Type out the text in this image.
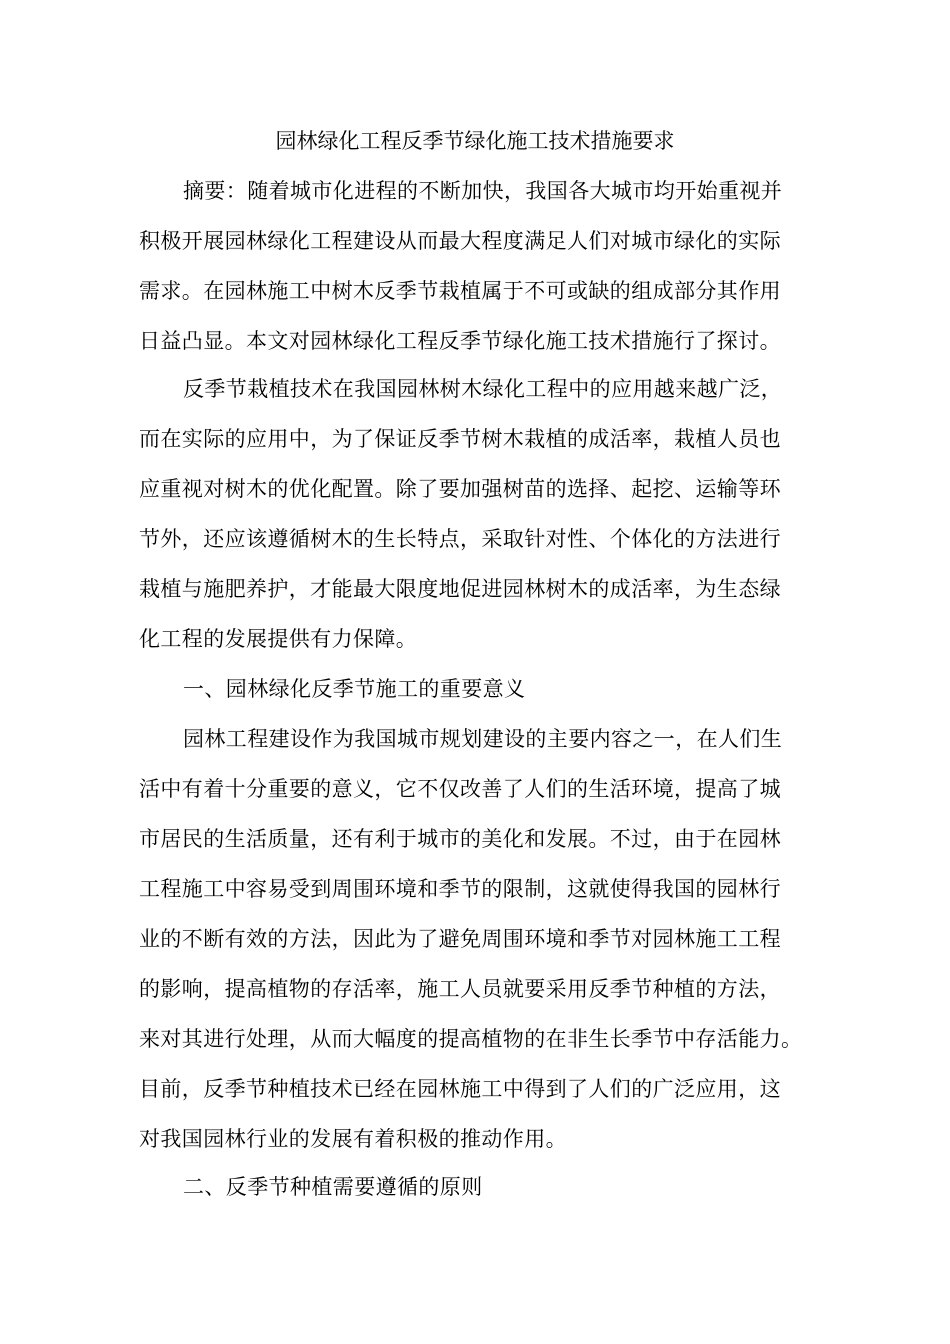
园林绿化工程反季节绿化施工技术措施要求
摘要：随着城市化进程的不断加快，我国各大城市均开始重视并
积极开展园林绿化工程建设从而最大程度满足人们对城市绿化的实际
需求。在园林施工中树木反季节栽植属于不可或缺的组成部分其作用
日益凸显。本文对园林绿化工程反季节绿化施工技术措施行了探讨。
反季节栽植技术在我国园林树木绿化工程中的应用越来越广泛，
而在实际的应用中，为了保证反季节树木栽植的成活率，栽植人员也
应重视对树木的优化配置。除了要加强树苗的选择、起挖、运输等环
节外，还应该遵循树木的生长特点，采取针对性、个体化的方法进行
栽植与施肥养护，才能最大限度地促进园林树木的成活率，为生态绿
化工程的发展提供有力保障。
一、园林绿化反季节施工的重要意义
园林工程建设作为我国城市规划建设的主要内容之一，在人们生
活中有着十分重要的意义，它不仅改善了人们的生活环境，提高了城
市居民的生活质量，还有利于城市的美化和发展。不过，由于在园林
工程施工中容易受到周围环境和季节的限制，这就使得我国的园林行
业的不断有效的方法，因此为了避免周围环境和季节对园林施工工程
的影响，提高植物的存活率，施工人员就要采用反季节种植的方法，
来对其进行处理，从而大幅度的提高植物的在非生长季节中存活能力。
目前，反季节种植技术已经在园林施工中得到了人们的广泛应用，这
对我国园林行业的发展有着积极的推动作用。
二、反季节种植需要遵循的原则
